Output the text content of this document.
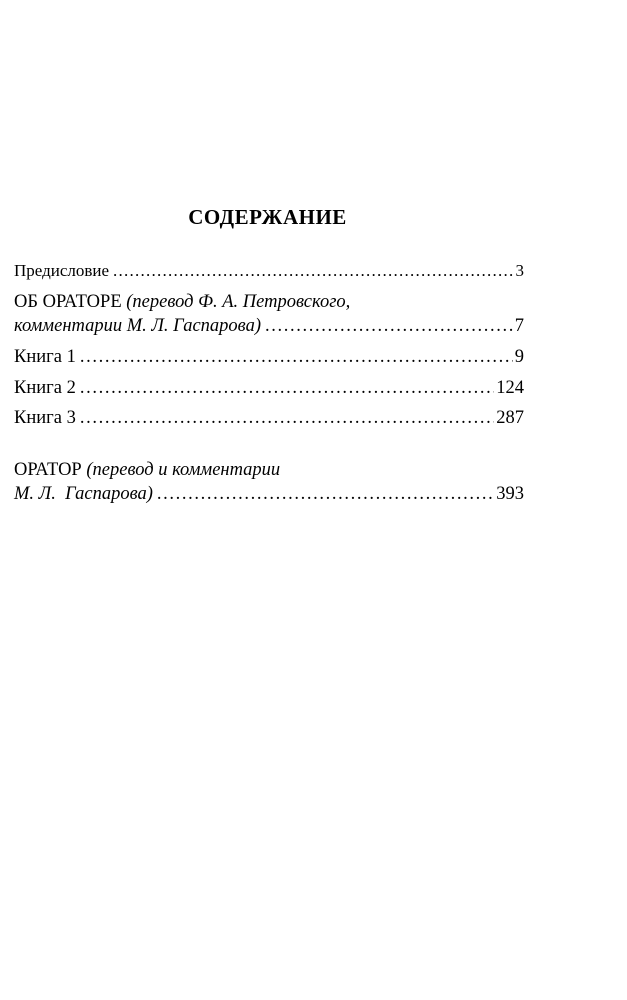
СОДЕРЖАНИЕ
Предисловие . . .	3
ОБ ОРАТОРЕ (перевод Ф. А. Петровского,
комментарии М. Л. Гаспарова) . . .	7
Книга 1 . . .	9
Книга 2 . . .	124
Книга 3 . . .	287
ОРАТОР (перевод и комментарии
М. Л.  Гаспарова) . . .	393
